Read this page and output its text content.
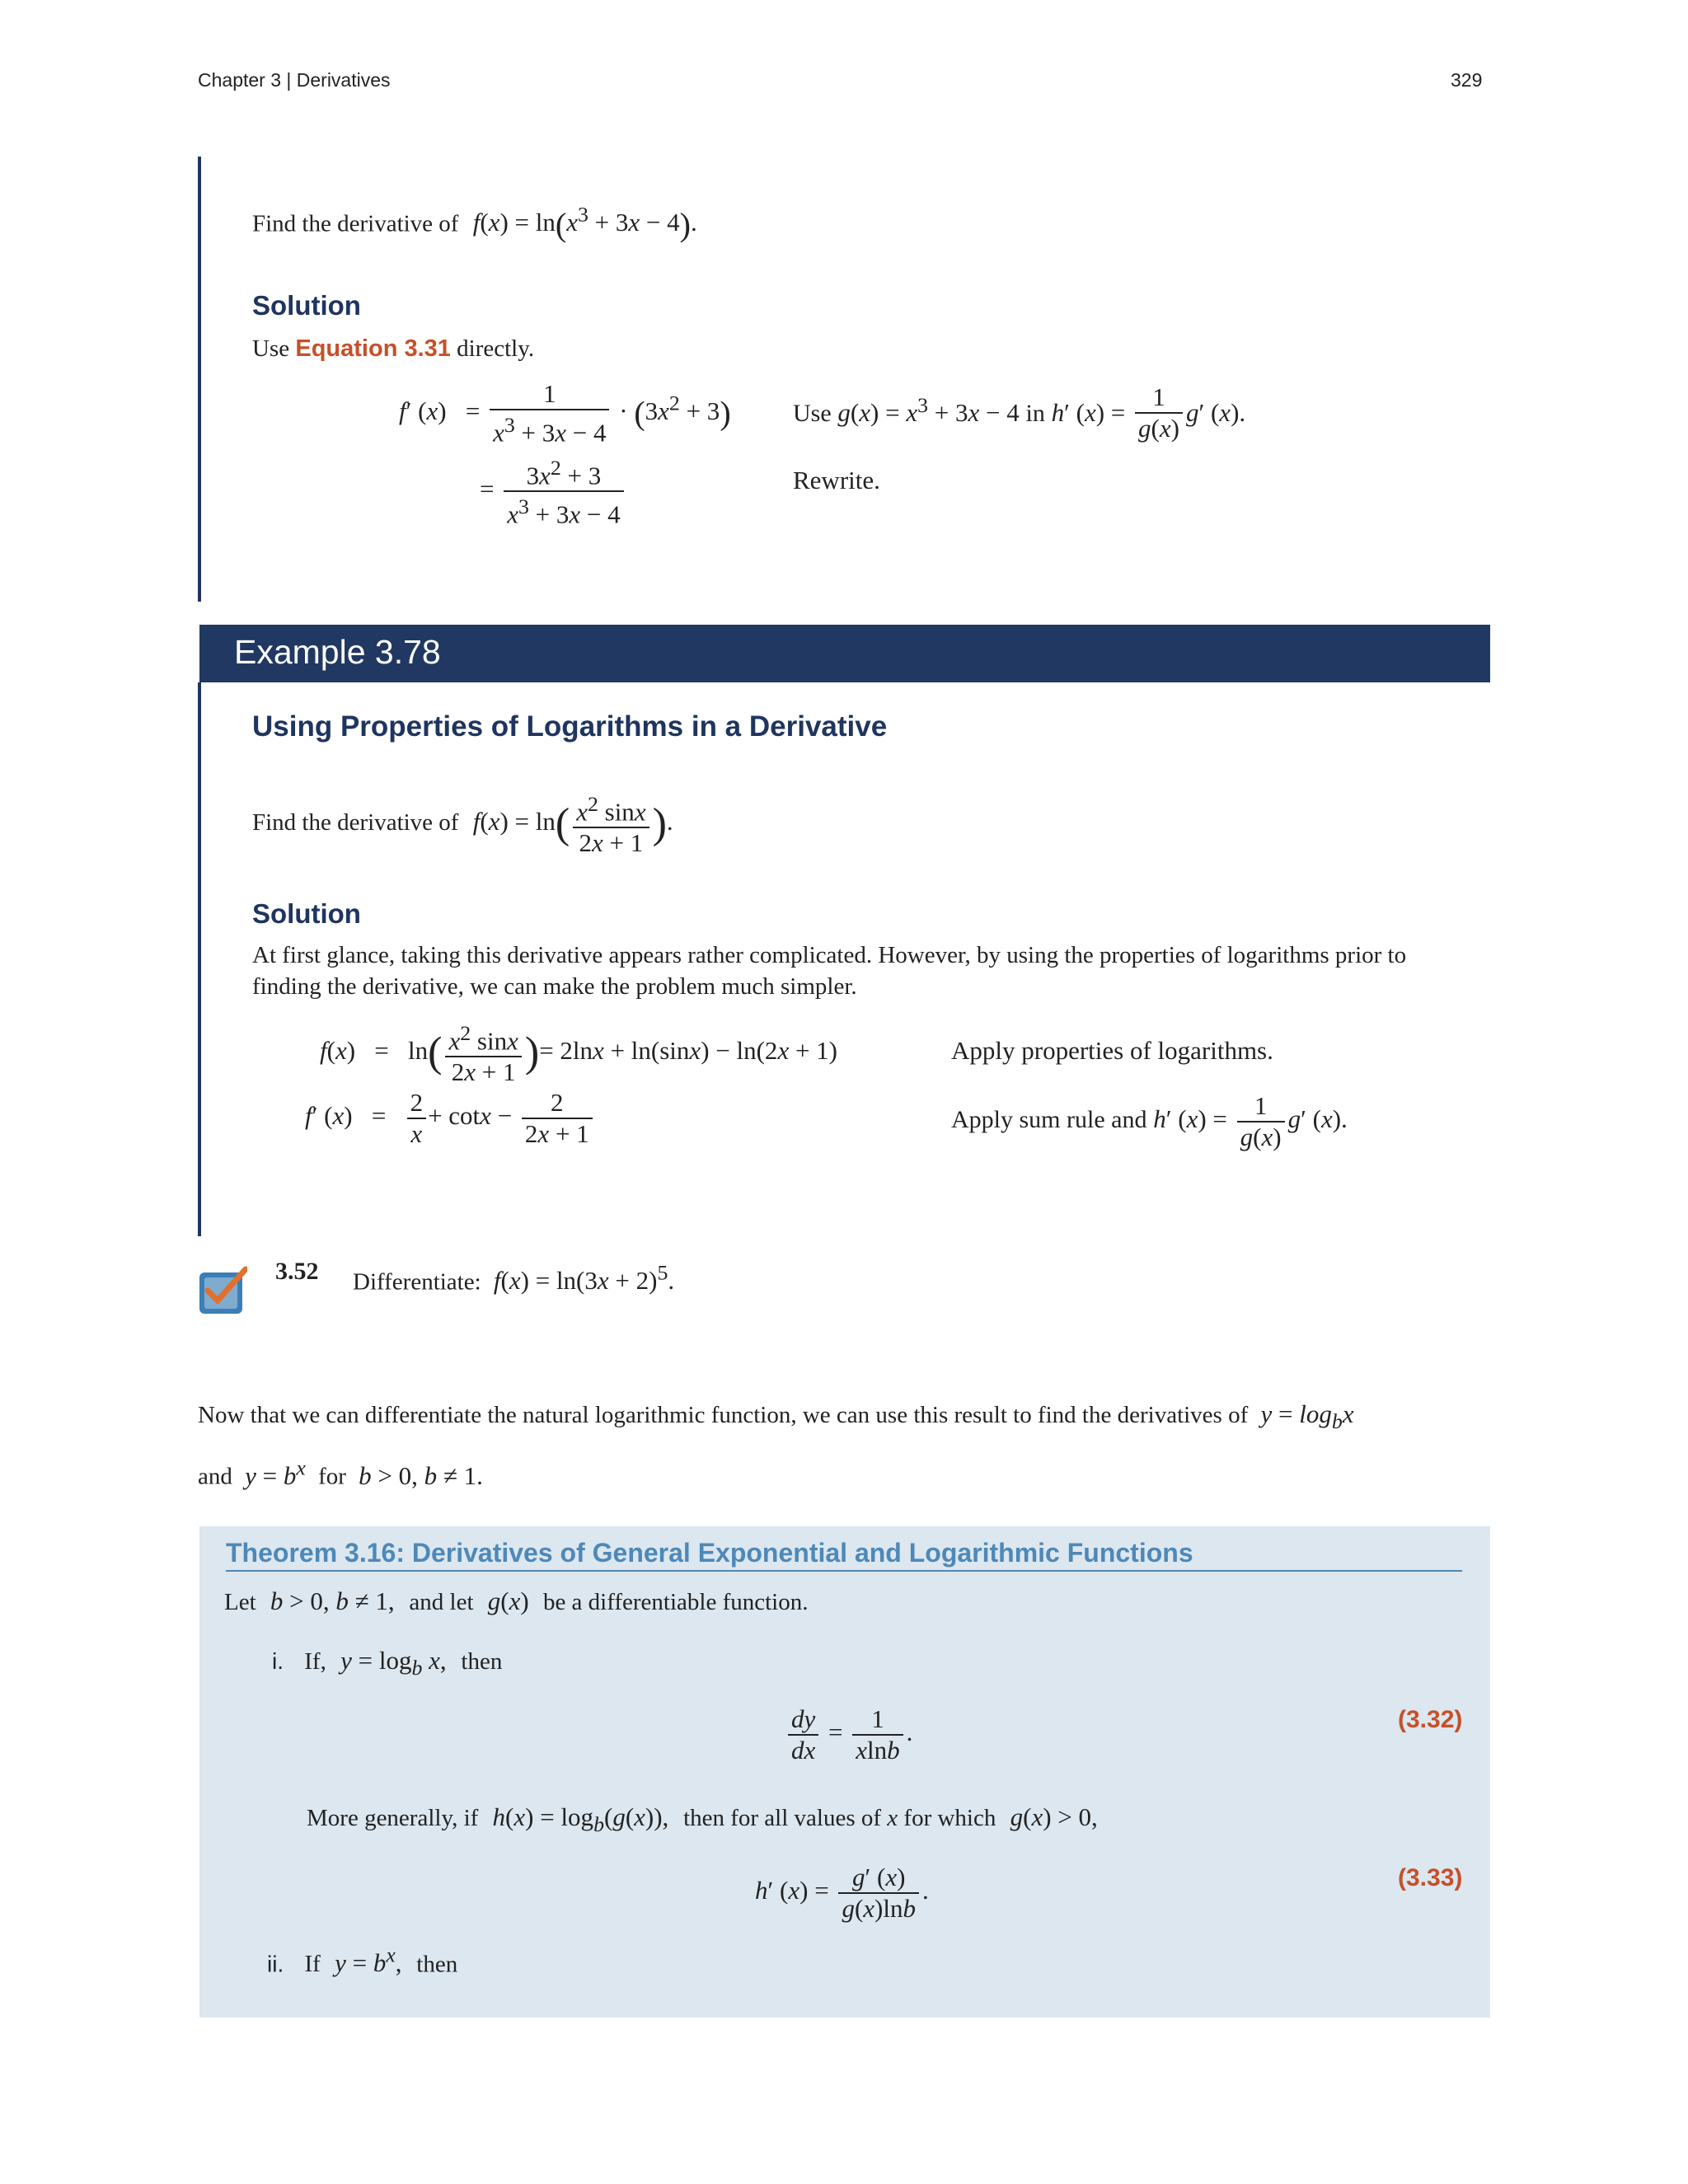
Chapter 3 | Derivatives	329
Find the derivative of $f(x) = \ln(x^3 + 3x - 4)$.
Solution
Use Equation 3.31 directly.
f′ $(x) = \frac{1}{x^3 + 3x - 4} \cdot (3x^2 + 3)$	Use $g(x) = x^3 + 3x - 4$ in h′ $(x) = \frac{1}{g(x)} g'$ (x).
= $\frac{3x^2 + 3}{x^3 + 3x - 4}$	Rewrite.
Example 3.78
Using Properties of Logarithms in a Derivative
Find the derivative of $f(x) = \ln( \frac{x^2 \sin x}{2x + 1}$ ).
Solution
At first glance, taking this derivative appears rather complicated. However, by using the properties of logarithms prior to finding the derivative, we can make the problem much simpler.
$f(x) = \ln( \frac{x^2 \sin x}{2x + 1}$ )= 2lnx + ln(sinx) − ln(2x + 1)	Apply properties of logarithms.
f′ $(x) = \frac{2}{x} + \cot x - \frac{2}{2x + 1}$	Apply sum rule and h′ $(x) = \frac{1}{g(x)} g'$ (x).
3.52 Differentiate: $f(x) = \ln(3x + 2)^5$.
Now that we can differentiate the natural logarithmic function, we can use this result to find the derivatives of $y = \log_bx$
and $y = b^x$ for b > 0, b ≠ 1.
Theorem 3.16: Derivatives of General Exponential and Logarithmic Functions
Let b > 0, b ≠ 1, and let g(x) be a differentiable function.
i. If, $y = \log_b x$, then
$\frac{dy}{dx} = \frac{1}{xlnb}$ .	(3.32)
More generally, if $h(x) = \log_b(g(x))$, then for all values of x for which g(x) > 0,
h′ $(x) = \frac{g' (x)}{g(x)\ln b}$ .	(3.33)
ii. If $y = b^x$, then
